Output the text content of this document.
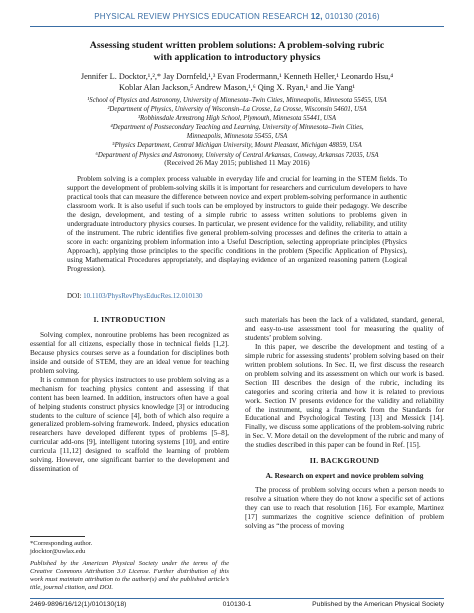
PHYSICAL REVIEW PHYSICS EDUCATION RESEARCH 12, 010130 (2016)
Assessing student written problem solutions: A problem-solving rubric
with application to introductory physics
Jennifer L. Docktor,¹,²,* Jay Dornfeld,¹,³ Evan Frodermann,¹ Kenneth Heller,¹ Leonardo Hsu,⁴
Koblar Alan Jackson,⁵ Andrew Mason,¹,⁶ Qing X. Ryan,¹ and Jie Yang¹
¹School of Physics and Astronomy, University of Minnesota–Twin Cities, Minneapolis, Minnesota 55455, USA
²Department of Physics, University of Wisconsin–La Crosse, La Crosse, Wisconsin 54601, USA
³Robbinsdale Armstrong High School, Plymouth, Minnesota 55441, USA
⁴Department of Postsecondary Teaching and Learning, University of Minnesota–Twin Cities,
Minneapolis, Minnesota 55455, USA
⁵Physics Department, Central Michigan University, Mount Pleasant, Michigan 48859, USA
⁶Department of Physics and Astronomy, University of Central Arkansas, Conway, Arkansas 72035, USA
(Received 26 May 2015; published 11 May 2016)

Problem solving is a complex process valuable in everyday life and crucial for learning in the STEM fields. To support the development of problem-solving skills it is important for researchers and curriculum developers to have practical tools that can measure the difference between novice and expert problem-solving performance in authentic classroom work. It is also useful if such tools can be employed by instructors to guide their pedagogy. We describe the design, development, and testing of a simple rubric to assess written solutions to problems given in undergraduate introductory physics courses. In particular, we present evidence for the validity, reliability, and utility of the instrument. The rubric identifies five general problem-solving processes and defines the criteria to attain a score in each: organizing problem information into a Useful Description, selecting appropriate principles (Physics Approach), applying those principles to the specific conditions in the problem (Specific Application of Physics), using Mathematical Procedures appropriately, and displaying evidence of an organized reasoning pattern (Logical Progression).

DOI: 10.1103/PhysRevPhysEducRes.12.010130
I. INTRODUCTION

Solving complex, nonroutine problems has been recognized as essential for all citizens, especially those in technical fields [1,2]. Because physics courses serve as a foundation for disciplines both inside and outside of STEM, they are an ideal venue for teaching problem solving.

It is common for physics instructors to use problem solving as a mechanism for teaching physics content and assessing if that content has been learned. In addition, instructors often have a goal of helping students construct physics knowledge [3] or introducing students to the culture of science [4], both of which also require a generalized problem-solving framework. Indeed, physics education researchers have developed different types of problems [5–8], curricular add-ons [9], intelligent tutoring systems [10], and entire curricula [11,12] designed to scaffold the learning of problem solving. However, one significant barrier to the development and dissemination of

such materials has been the lack of a validated, standard, general, and easy-to-use assessment tool for measuring the quality of students’ problem solving.

In this paper, we describe the development and testing of a simple rubric for assessing students’ problem solving based on their written problem solutions. In Sec. II, we first discuss the research on problem solving and its assessment on which our work is based. Section III describes the design of the rubric, including its categories and scoring criteria and how it is related to previous work. Section IV presents evidence for the validity and reliability of the instrument, using a framework from the Standards for Educational and Psychological Testing [13] and Messick [14]. Finally, we discuss some applications of the problem-solving rubric in Sec. V. More detail on the development of the rubric and many of the studies described in this paper can be found in Ref. [15].

II. BACKGROUND
A. Research on expert and novice problem solving

The process of problem solving occurs when a person needs to resolve a situation where they do not know a specific set of actions they can use to reach that resolution [16]. For example, Martinez [17] summarizes the cognitive science definition of problem solving as “the process of moving

*Corresponding author.
jdocktor@uwlax.edu
Published by the American Physical Society under the terms of the Creative Commons Attribution 3.0 License. Further distribution of this work must maintain attribution to the author(s) and the published article’s title, journal citation, and DOI.
2469-9896/16/12(1)/010130(18)	010130-1	Published by the American Physical Society
